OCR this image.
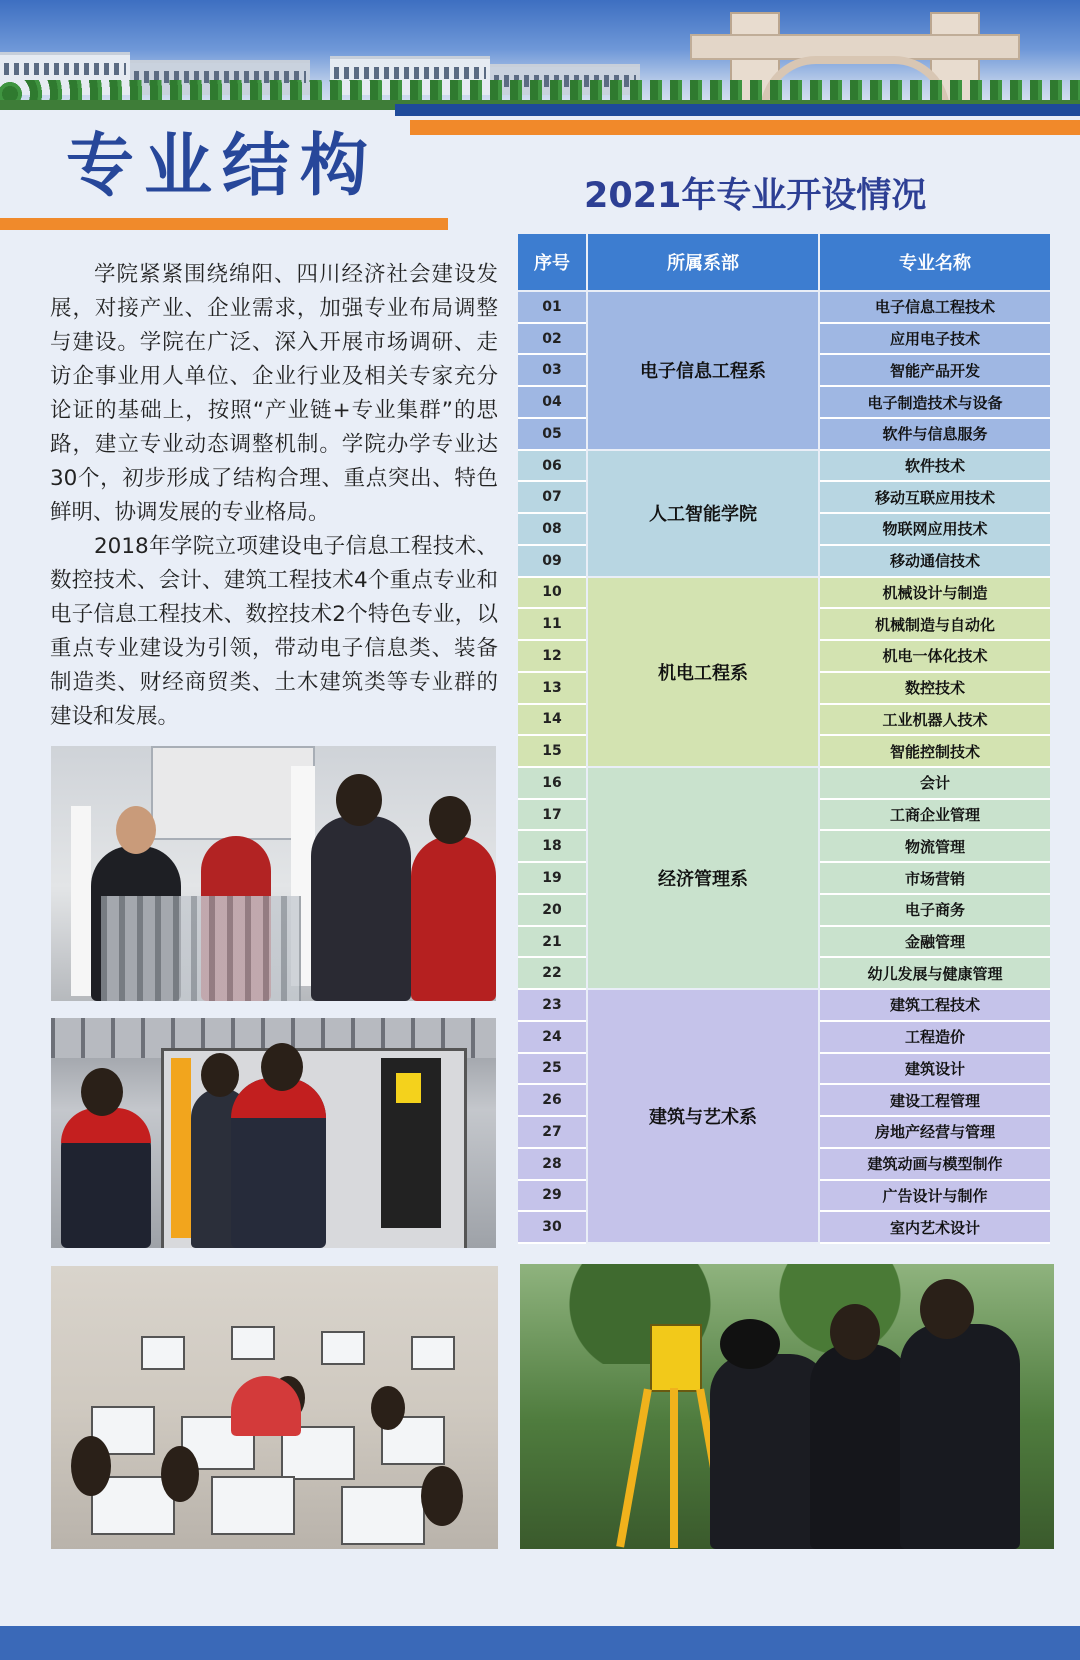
专业结构	2021年专业开设情况

学院紧紧围绕绵阳、四川经济社会建设发展，对接产业、企业需求，加强专业布局调整与建设。学院在广泛、深入开展市场调研、走访企事业用人单位、企业行业及相关专家充分论证的基础上，按照“产业链+专业集群”的思路，建立专业动态调整机制。学院办学专业达30个，初步形成了结构合理、重点突出、特色鲜明、协调发展的专业格局。

2018年学院立项建设电子信息工程技术、数控技术、会计、建筑工程技术4个重点专业和电子信息工程技术、数控技术2个特色专业，以重点专业建设为引领，带动电子信息类、装备制造类、财经商贸类、土木建筑类等专业群的建设和发展。

序号	所属系部	专业名称
电子信息工程系
01	电子信息工程技术
02	应用电子技术
03	智能产品开发
04	电子制造技术与设备
05	软件与信息服务
人工智能学院
06	软件技术
07	移动互联应用技术
08	物联网应用技术
09	移动通信技术
机电工程系
10	机械设计与制造
11	机械制造与自动化
12	机电一体化技术
13	数控技术
14	工业机器人技术
15	智能控制技术
经济管理系
16	会计
17	工商企业管理
18	物流管理
19	市场营销
20	电子商务
21	金融管理
22	幼儿发展与健康管理
建筑与艺术系
23	建筑工程技术
24	工程造价
25	建筑设计
26	建设工程管理
27	房地产经营与管理
28	建筑动画与模型制作
29	广告设计与制作
30	室内艺术设计
